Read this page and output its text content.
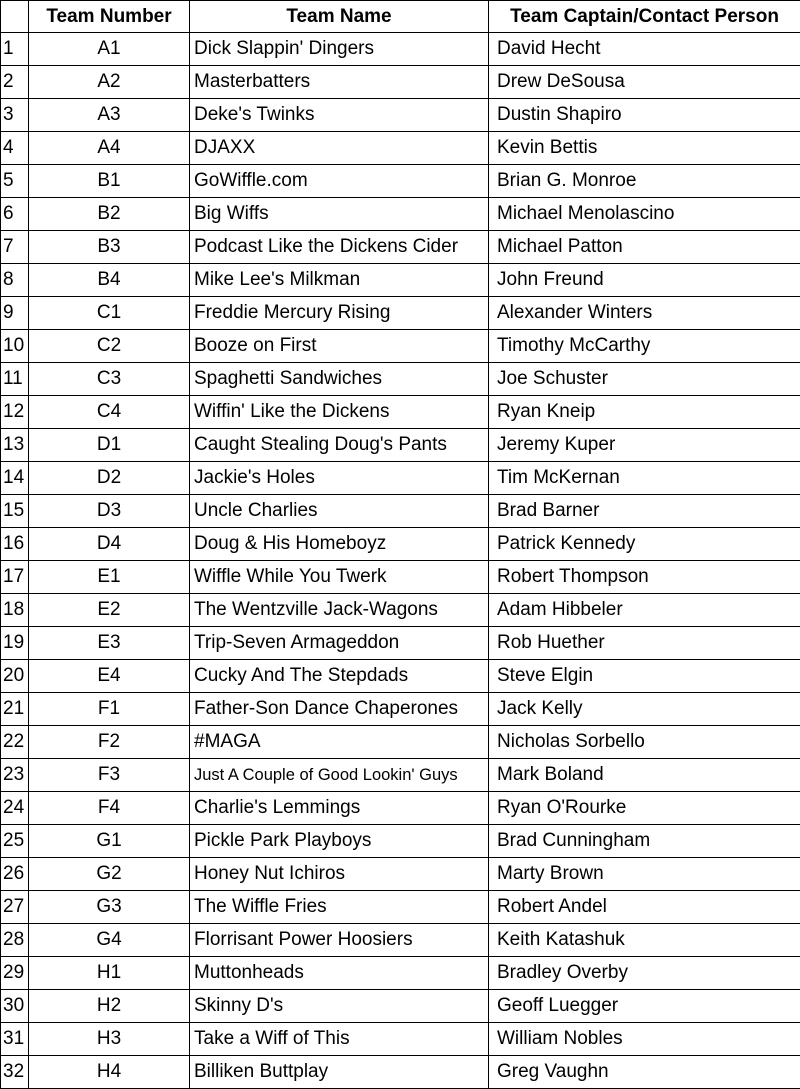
	Team Number	Team Name	Team Captain/Contact Person
1	A1	Dick Slappin' Dingers	David Hecht
2	A2	Masterbatters	Drew DeSousa
3	A3	Deke's Twinks	Dustin Shapiro
4	A4	DJAXX	Kevin Bettis
5	B1	GoWiffle.com	Brian G. Monroe
6	B2	Big Wiffs	Michael Menolascino
7	B3	Podcast Like the Dickens Cider	Michael Patton
8	B4	Mike Lee's Milkman	John Freund
9	C1	Freddie Mercury Rising	Alexander Winters
10	C2	Booze on First	Timothy McCarthy
11	C3	Spaghetti Sandwiches	Joe Schuster
12	C4	Wiffin' Like the Dickens	Ryan Kneip
13	D1	Caught Stealing Doug's Pants	Jeremy Kuper
14	D2	Jackie's Holes	Tim McKernan
15	D3	Uncle Charlies	Brad Barner
16	D4	Doug & His Homeboyz	Patrick Kennedy
17	E1	Wiffle While You Twerk	Robert Thompson
18	E2	The Wentzville Jack-Wagons	Adam Hibbeler
19	E3	Trip-Seven Armageddon	Rob Huether
20	E4	Cucky And The Stepdads	Steve Elgin
21	F1	Father-Son Dance Chaperones	Jack Kelly
22	F2	#MAGA	Nicholas Sorbello
23	F3	Just A Couple of Good Lookin' Guys	Mark Boland
24	F4	Charlie's Lemmings	Ryan O'Rourke
25	G1	Pickle Park Playboys	Brad Cunningham
26	G2	Honey Nut Ichiros	Marty Brown
27	G3	The Wiffle Fries	Robert Andel
28	G4	Florrisant Power Hoosiers	Keith Katashuk
29	H1	Muttonheads	Bradley Overby
30	H2	Skinny D's	Geoff Luegger
31	H3	Take a Wiff of This	William Nobles
32	H4	Billiken Buttplay	Greg Vaughn
